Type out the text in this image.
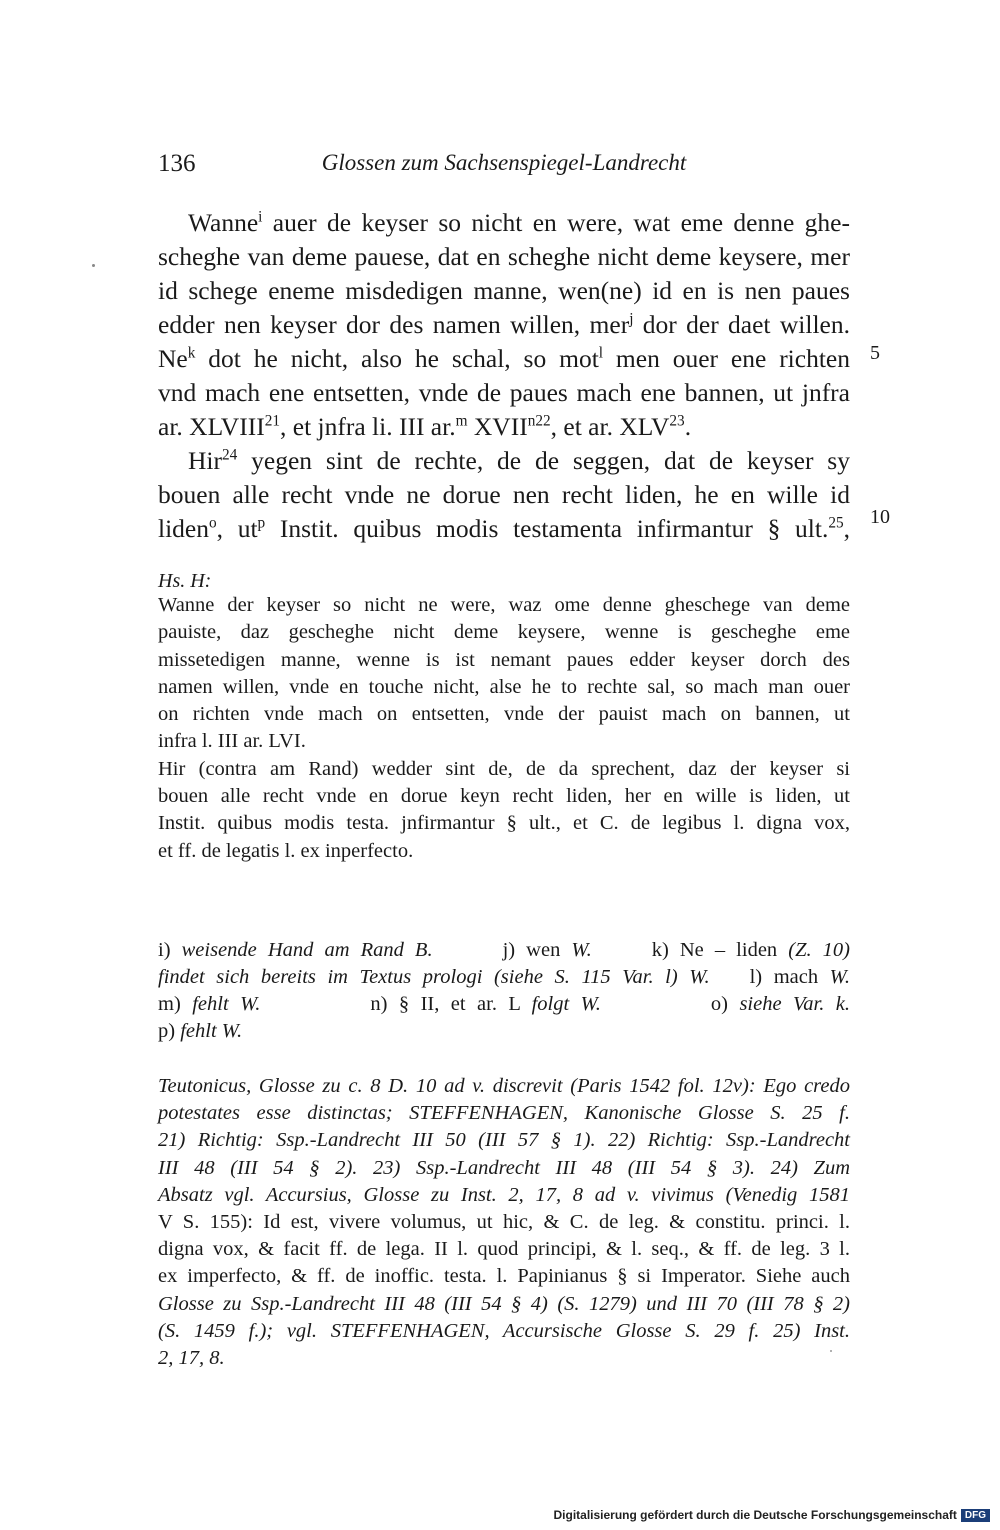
136	Glossen zum Sachsenspiegel-Landrecht
Wanne$^i$ auer de keyser so nicht en were, wat eme denne ghe-
scheghe van deme pauese, dat en scheghe nicht deme keysere, mer
id schege eneme misdedigen manne, wen(ne) id en is nen paues
edder nen keyser dor des namen willen, mer$^j$ dor der daet willen.
Ne$^k$ dot he nicht, also he schal, so mot$^l$ men ouer ene richten
vnd mach ene entsetten, vnde de paues mach ene bannen, ut jnfra
ar. XLVIII$^{21}$, et jnfra li. III ar.$^m$ $XVII^{n22}$, et ar. XLV$^{23}$.
Hir$^{24}$ yegen sint de rechte, de de seggen, dat de keyser sy
bouen alle recht vnde ne dorue nen recht liden, he en wille id
liden$^o$, $ut^p$ Instit. quibus modis testamenta infirmantur § ult.$^{25}$,
5
10
Hs. H:
Wanne der keyser so nicht ne were, waz ome denne gheschege van deme
pauiste, daz gescheghe nicht deme keysere, wenne is gescheghe eme
missetedigen manne, wenne is ist nemant paues edder keyser dorch des
namen willen, vnde en touche nicht, alse he to rechte sal, so mach man ouer
on richten vnde mach on entsetten, vnde der pauist mach on bannen, ut
infra l. III ar. LVI.
Hir (contra am Rand) wedder sint de, de da sprechent, daz der keyser si
bouen alle recht vnde en dorue keyn recht liden, her en wille is liden, ut
Instit. quibus modis testa. jnfirmantur § ult., et C. de legibus l. digna vox,
et ff. de legatis l. ex inperfecto.
i) weisende Hand am Rand B.	j) wen W.	k) Ne – liden (Z. 10)
findet sich bereits im Textus prologi (siehe S. 115 Var. l) W. l) mach W.
m) fehlt W.	n) § II, et ar. L folgt W.	o) siehe Var. k.
p) fehlt W.
Teutonicus, Glosse zu c. 8 D. 10 ad v. discrevit (Paris 1542 fol. 12v): Ego credo
potestates esse distinctas; STEFFENHAGEN, Kanonische Glosse S. 25 f.
21) Richtig: Ssp.-Landrecht III 50 (III 57 § 1). 22) Richtig: Ssp.-Landrecht
III 48 (III 54 § 2). 23) Ssp.-Landrecht III 48 (III 54 § 3). 24) Zum
Absatz vgl. Accursius, Glosse zu Inst. 2, 17, 8 ad v. vivimus (Venedig 1581
V S. 155): Id est, vivere volumus, ut hic, & C. de leg. & constitu. princi. l.
digna vox, & facit ff. de lega. II l. quod principi, & l. seq., & ff. de leg. 3 l.
ex imperfecto, & ff. de inoffic. testa. l. Papinianus § si Imperator. Siehe auch
Glosse zu Ssp.-Landrecht III 48 (III 54 § 4) (S. 1279) und III 70 (III 78 § 2)
(S. 1459 f.); vgl. STEFFENHAGEN, Accursische Glosse S. 29 f. 25) Inst.
2, 17, 8.
Digitalisierung gefördert durch die Deutsche Forschungsgemeinschaft DFG
